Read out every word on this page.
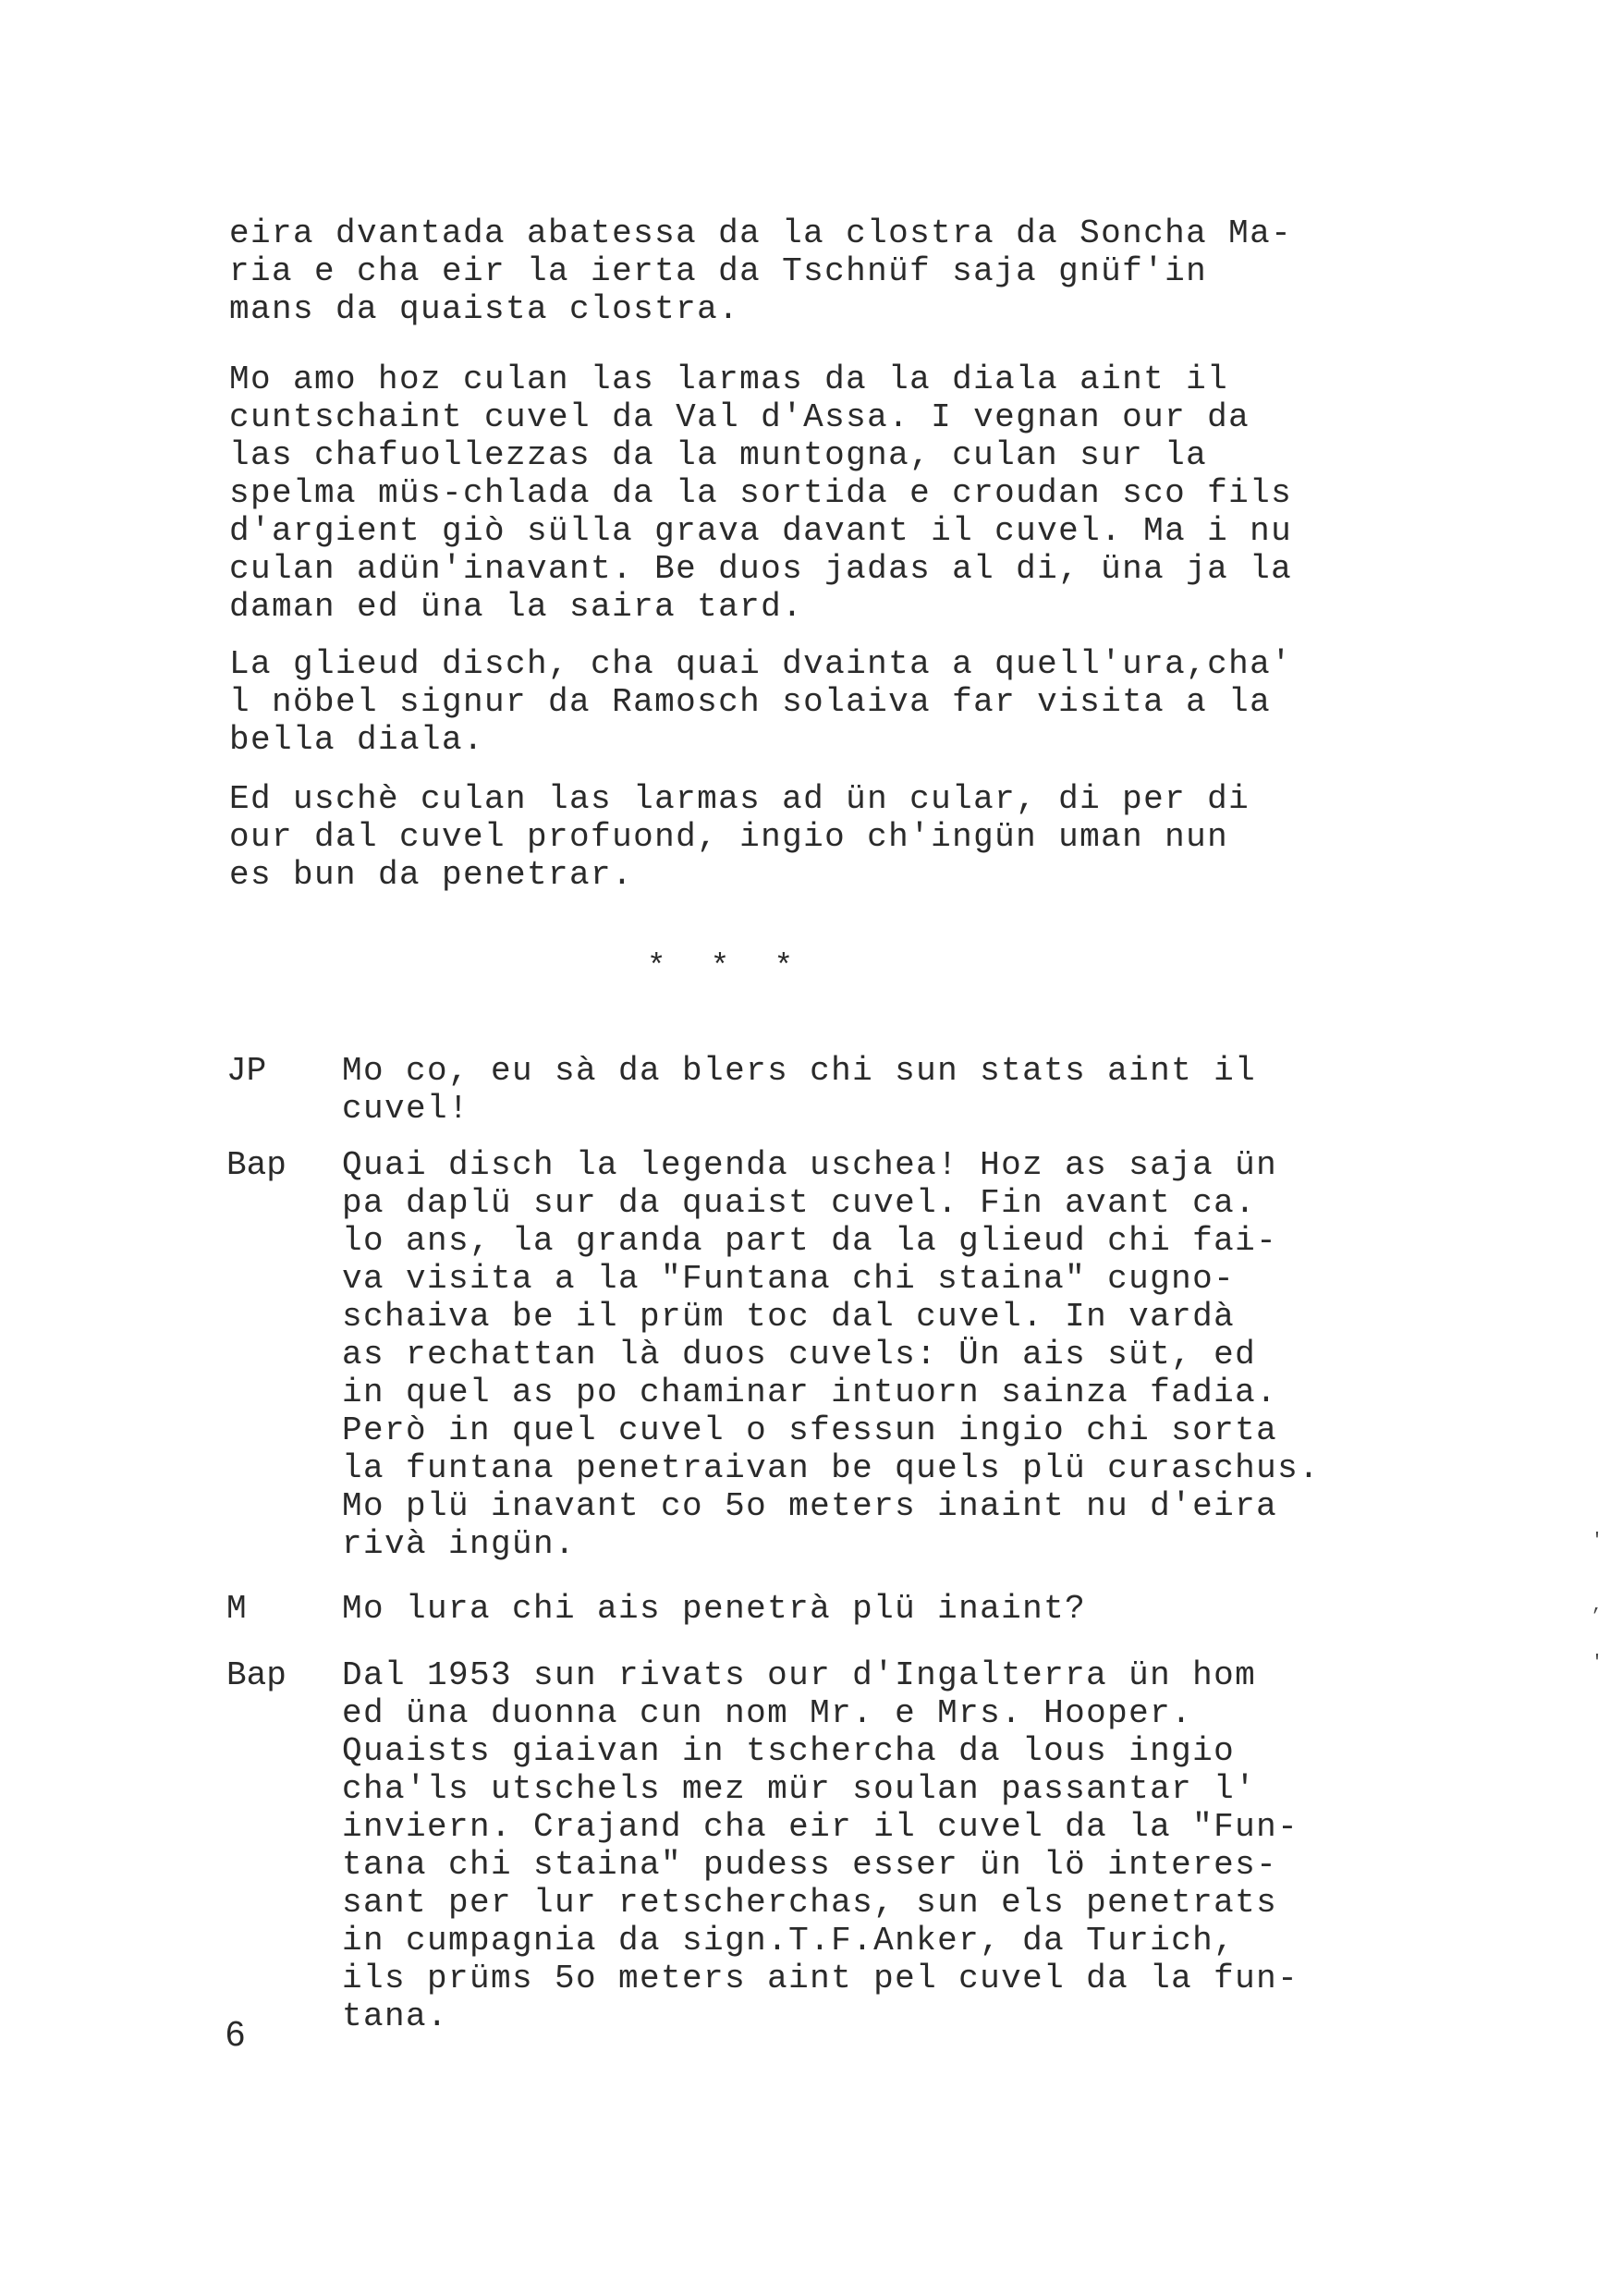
eira dvantada abatessa da la clostra da Soncha Ma-
ria e cha eir la ierta da Tschnüf saja gnüf'in
mans da quaista clostra.
Mo amo hoz culan las larmas da la diala aint il
cuntschaint cuvel da Val d'Assa. I vegnan our da
las chafuollezzas da la muntogna, culan sur la
spelma müs-chlada da la sortida e croudan sco fils
d'argient giò sülla grava davant il cuvel. Ma i nu
culan adün'inavant. Be duos jadas al di, üna ja la
daman ed üna la saira tard.
La glieud disch, cha quai dvainta a quell'ura,cha'
l nöbel signur da Ramosch solaiva far visita a la
bella diala.
Ed uschè culan las larmas ad ün cular, di per di
our dal cuvel profuond, ingio ch'ingün uman nun
es bun da penetrar.
* * *
JP Mo co, eu sà da blers chi sun stats aint il
cuvel!
Bap Quai disch la legenda uschea! Hoz as saja ün
pa daplü sur da quaist cuvel. Fin avant ca.
lo ans, la granda part da la glieud chi fai-
va visita a la "Funtana chi staina" cugno-
schaiva be il prüm toc dal cuvel. In vardà
as rechattan là duos cuvels: Ün ais süt, ed
in quel as po chaminar intuorn sainza fadia.
Però in quel cuvel o sfessun ingio chi sorta
la funtana penetraivan be quels plü curaschus.
Mo plü inavant co 5o meters inaint nu d'eira
rivà ingün.
M	Mo lura chi ais penetrà plü inaint?
Bap Dal 1953 sun rivats our d'Ingalterra ün hom
ed üna duonna cun nom Mr. e Mrs. Hooper.
Quaists giaivan in tschercha da lous ingio
cha'ls utschels mez mür soulan passantar l'
inviern. Crajand cha eir il cuvel da la "Fun-
tana chi staina" pudess esser ün lö interes-
sant per lur retscherchas, sun els penetrats
in cumpagnia da sign.T.F.Anker, da Turich,
ils prüms 5o meters aint pel cuvel da la fun-
tana.
6
'
,
'
